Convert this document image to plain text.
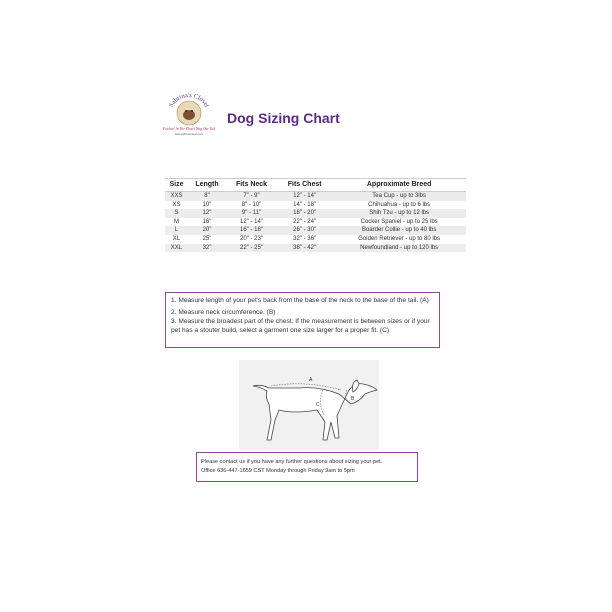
Sabrina's Closet
Fetchin' In The Closet Wag Our Tail
www.sabrinascloset.com
Dog Sizing Chart
Size	Length	Fits Neck	Fits Chest	Approximate Breed
XXS	8"	7" - 9"	12" - 14"	Tea Cup - up to 3lbs
XS	10"	8" - 10"	14" - 18"	Chihuahua - up to 6 lbs
S	12"	9" - 11"	18" - 20"	Shih Tzu - up to 12 lbs
M	16"	12" - 14"	22" - 24"	Cocker Spaniel - up to 25 lbs
L	20"	16" - 18"	26" - 30"	Boarder Collie - up to 40 lbs
XL	25"	20" - 23"	32" - 36"	Golden Retriever - up to 80 lbs
XXL	32"	22" - 25"	38" - 42"	Newfoundland - up to 120 lbs

1. Measure length of your pet's back from the base of the neck to the base of the tail. (A)

2. Measure neck circumference. (B)

3. Measure the broadest part of the chest. If the measurement is between sizes or if your pet has a stouter build, select a garment one size larger for a proper fit. (C)

A
B
C

Please contact us if you have any further questions about sizing your pet.

Office 636-447-1659 CST Monday through Friday 9am to 5pm
